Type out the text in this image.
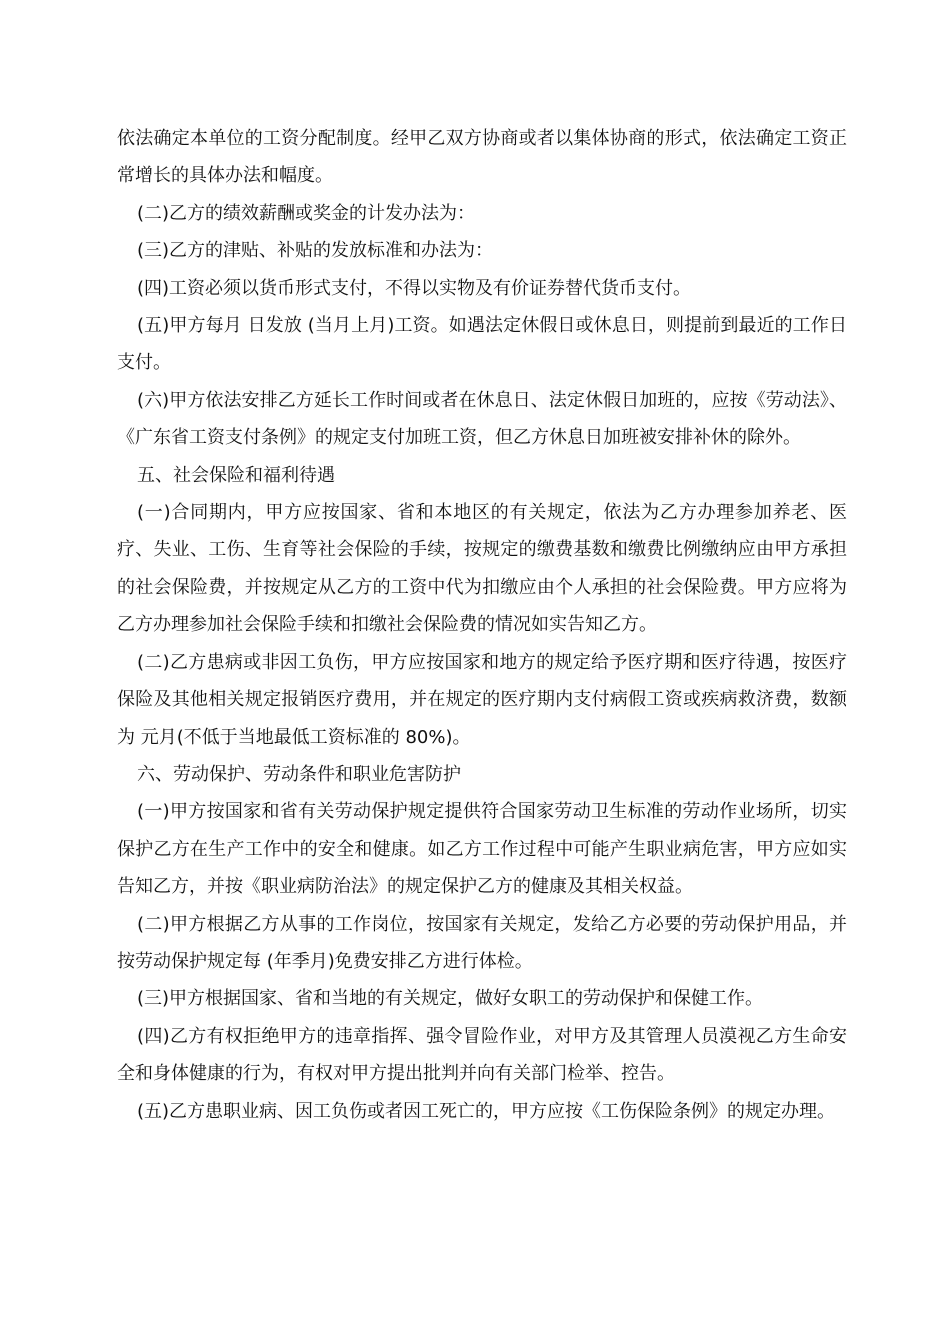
依法确定本单位的工资分配制度。经甲乙双方协商或者以集体协商的形式，依法确定工资正常增长的具体办法和幅度。

(二)乙方的绩效薪酬或奖金的计发办法为：

(三)乙方的津贴、补贴的发放标准和办法为：

(四)工资必须以货币形式支付，不得以实物及有价证券替代货币支付。

(五)甲方每月 日发放 (当月上月)工资。如遇法定休假日或休息日，则提前到最近的工作日支付。

(六)甲方依法安排乙方延长工作时间或者在休息日、法定休假日加班的，应按《劳动法》、《广东省工资支付条例》的规定支付加班工资，但乙方休息日加班被安排补休的除外。

五、社会保险和福利待遇

(一)合同期内，甲方应按国家、省和本地区的有关规定，依法为乙方办理参加养老、医疗、失业、工伤、生育等社会保险的手续，按规定的缴费基数和缴费比例缴纳应由甲方承担的社会保险费，并按规定从乙方的工资中代为扣缴应由个人承担的社会保险费。甲方应将为乙方办理参加社会保险手续和扣缴社会保险费的情况如实告知乙方。

(二)乙方患病或非因工负伤，甲方应按国家和地方的规定给予医疗期和医疗待遇，按医疗保险及其他相关规定报销医疗费用，并在规定的医疗期内支付病假工资或疾病救济费，数额为 元月(不低于当地最低工资标准的 80%)。

六、劳动保护、劳动条件和职业危害防护

(一)甲方按国家和省有关劳动保护规定提供符合国家劳动卫生标准的劳动作业场所，切实保护乙方在生产工作中的安全和健康。如乙方工作过程中可能产生职业病危害，甲方应如实告知乙方，并按《职业病防治法》的规定保护乙方的健康及其相关权益。

(二)甲方根据乙方从事的工作岗位，按国家有关规定，发给乙方必要的劳动保护用品，并按劳动保护规定每 (年季月)免费安排乙方进行体检。

(三)甲方根据国家、省和当地的有关规定，做好女职工的劳动保护和保健工作。

(四)乙方有权拒绝甲方的违章指挥、强令冒险作业，对甲方及其管理人员漠视乙方生命安全和身体健康的行为，有权对甲方提出批判并向有关部门检举、控告。

(五)乙方患职业病、因工负伤或者因工死亡的，甲方应按《工伤保险条例》的规定办理。
